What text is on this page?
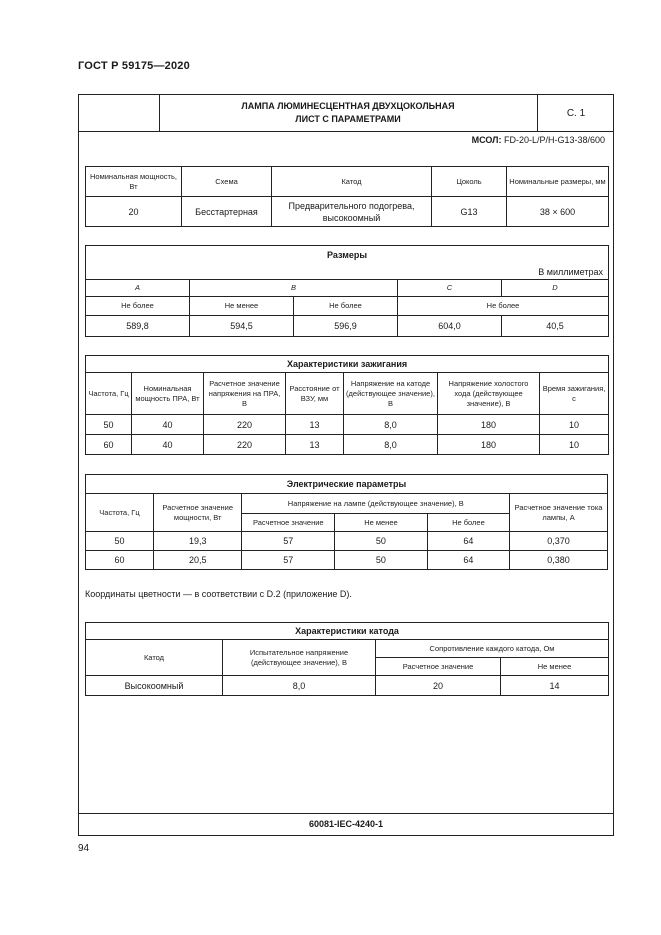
ГОСТ Р 59175—2020
ЛАМПА ЛЮМИНЕСЦЕНТНАЯ ДВУХЦОКОЛЬНАЯ
ЛИСТ С ПАРАМЕТРАМИ
С. 1
МСОЛ: FD-20-L/P/H-G13-38/600
Номинальная мощность, Вт	Схема	Катод	Цоколь	Номинальные размеры, мм
20	Бесстартерная	Предварительного подогрева, высокоомный	G13	38 × 600
Размеры				
В миллиметрах				
A	B		C	D
Не более	Не менее	Не более	Не более	
589,8	594,5	596,9	604,0	40,5
Характеристики зажигания						
Частота, Гц	Номинальная мощность ПРА, Вт	Расчетное значение напряжения на ПРА, В	Расстояние от ВЗУ, мм	Напряжение на катоде (действующее значение), В	Напряжение холостого хода (действующее значение), В	Время зажигания, с
50	40	220	13	8,0	180	10
60	40	220	13	8,0	180	10
Электрические параметры					
Частота, Гц	Расчетное значение мощности, Вт	Напряжение на лампе (действующее значение), В			Расчетное значение тока лампы, А
		Расчетное значение	Не менее	Не более	
50	19,3	57	50	64	0,370
60	20,5	57	50	64	0,380
Координаты цветности — в соответствии с D.2 (приложение D).
Характеристики катода			
Катод	Испытательное напряжение (действующее значение), В	Сопротивление каждого катода, Ом	
		Расчетное значение	Не менее
Высокоомный	8,0	20	14
60081-IEC-4240-1
94
